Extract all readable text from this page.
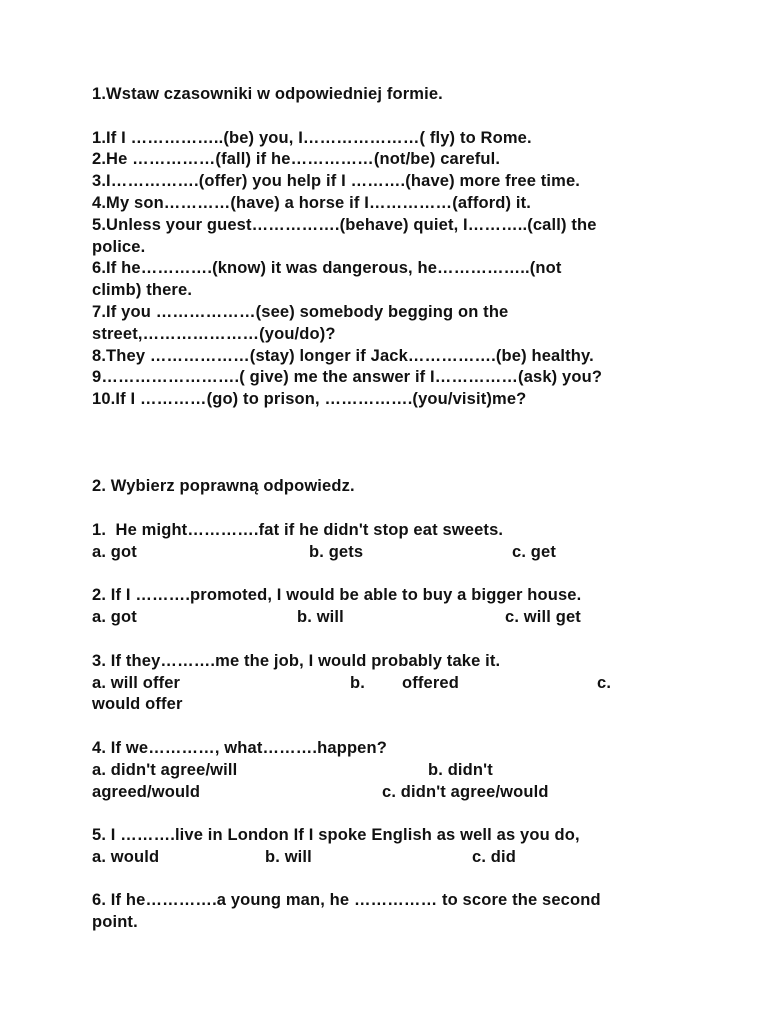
1.Wstaw czasowniki w odpowiedniej formie.
1.If I ……………..(be) you, I…………………( fly) to Rome.
2.He ……………(fall) if he……………(not/be) careful.
3.I…………….(offer) you help if I ……….(have) more free time.
4.My son…………(have) a horse if I……………(afford) it.
5.Unless your guest…………….(behave) quiet, I………..(call) the
police.
6.If he………….(know) it was dangerous, he……………..(not
climb) there.
7.If you ………………(see) somebody begging on the
street,…………………(you/do)?
8.They ………………(stay) longer if Jack…………….(be) healthy.
9…………………….( give) me the answer if I……………(ask) you?
10.If I …………(go) to prison, …………….(you/visit)me?
2. Wybierz poprawną odpowiedz.
1.  He might………….fat if he didn't stop eat sweets.

a. got

	b. gets

	c. get

2. If I ……….promoted, I would be able to buy a bigger house.

a. got

	b. will

	c. will get

3. If they……….me the job, I would probably take it.

a. will offer

	b.

offered

	c.

would offer
4. If we…………, what……….happen?

a. didn't agree/will

	b. didn't

agreed/would

	c. didn't agree/would

5. I ……….live in London If I spoke English as well as you do,

a. would

	b. will

	c. did

6. If he………….a young man, he …………… to score the second
point.
